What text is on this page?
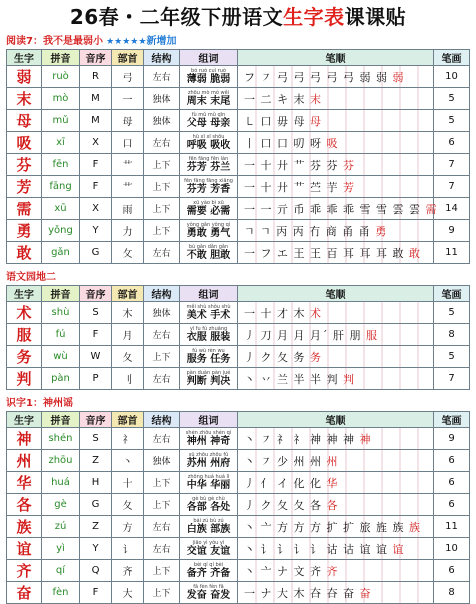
26春・二年级下册语文生字表课课贴
阅读7：我不是最弱小 ★★★★★新增加
生字	拼音	音序	部首	结构	组词	笔顺	笔画
弱	ruò	R	弓	左右	bó ruò cuì ruò
薄弱 脆弱	フ ㇇ 弓 弓 弓 弓 弓 弱 弱 弱	10
末	mò	M	一	独体	zhōu mò mò wěi
周末 末尾	一 二 キ 末 末	5
母	mǔ	M	母	独体	fù mǔ mǔ qīn
父母 母亲	㇄ 口 毋 母 母	5
吸	xī	X	口	左右	hū xī xī shōu
呼吸 吸收	丨 口 口 叨 呀 吸	6
芬	fēn	F	艹	上下	fēn fāng fēn lán
芬芳 芬兰	一 十 廾 艹 芬 芬 芬	7
芳	fāng	F	艹	上下	fēn fāng fāng xiāng
芬芳 芳香	一 十 廾 艹 苎 芋 芳	7
需	xū	X	雨	上下	xū yào bì xū
需要 必需	一 一 亓 币 乖 乖 乖 雪 雪 雲 雲 需	14
勇	yǒng	Y	力	上下	yǒng gǎn yǒng qì
勇敢 勇气	ㄱ ㄱ 丙 丙 冇 商 甬 甬 勇	9
敢	gǎn	G	攵	左右	bù gǎn dǎn gǎn
不敢 胆敢	一 フ エ 王 王 百 耳 耳 耳 敢 敢	11
语文园地二
生字	拼音	音序	部首	结构	组词	笔顺	笔画
术	shù	S	木	独体	měi shù shǒu shù
美术 手术	一 十 才 木 术	5
服	fú	F	月	左右	yī fu fú zhuāng
衣服 服装	丿 刀 月 月 月ˊ 肝 朋 服	8
务	wù	W	夂	上下	fú wù rèn wu
服务 任务	丿 ク 夂 务 务	5
判	pàn	P	刂	左右	pàn duàn pàn jué
判断 判决	丶 丷 兰 半 半 判 判	7
识字1：神州谣
生字	拼音	音序	部首	结构	组词	笔顺	笔画
神	shén	S	礻	左右	shén zhōu shén qí
神州 神奇	丶 ㇇ 礻 礻 神 神 神 神	9
州	zhōu	Z	丶	独体	sū zhōu zhōu fǔ
苏州 州府	丶 ㇇ 少 州 州 州	6
华	huá	H	十	上下	zhōng huá huá lì
中华 华丽	丿 亻 イ 化 化 华	6
各	gè	G	夂	上下	gè bù gè chù
各部 各处	丿 ク 夂 夂 各 各	6
族	zú	Z	方	左右	bái zú bù zú
白族 部族	丶 亠 方 方 方 扩 扩 旅 旌 族 族	11
谊	yì	Y	讠	左右	jiāo yì yǒu yì
交谊 友谊	丶 讠 讠 讠 讠 诂 诂 谊 谊 谊	10
齐	qí	Q	齐	上下	bèi qí qí bèi
备齐 齐备	丶 亠 ナ 文 齐 齐	6
奋	fèn	F	大	上下	fā fèn fèn fā
发奋 奋发	一 ナ 大 木 夻 夻 奋 奋	8
